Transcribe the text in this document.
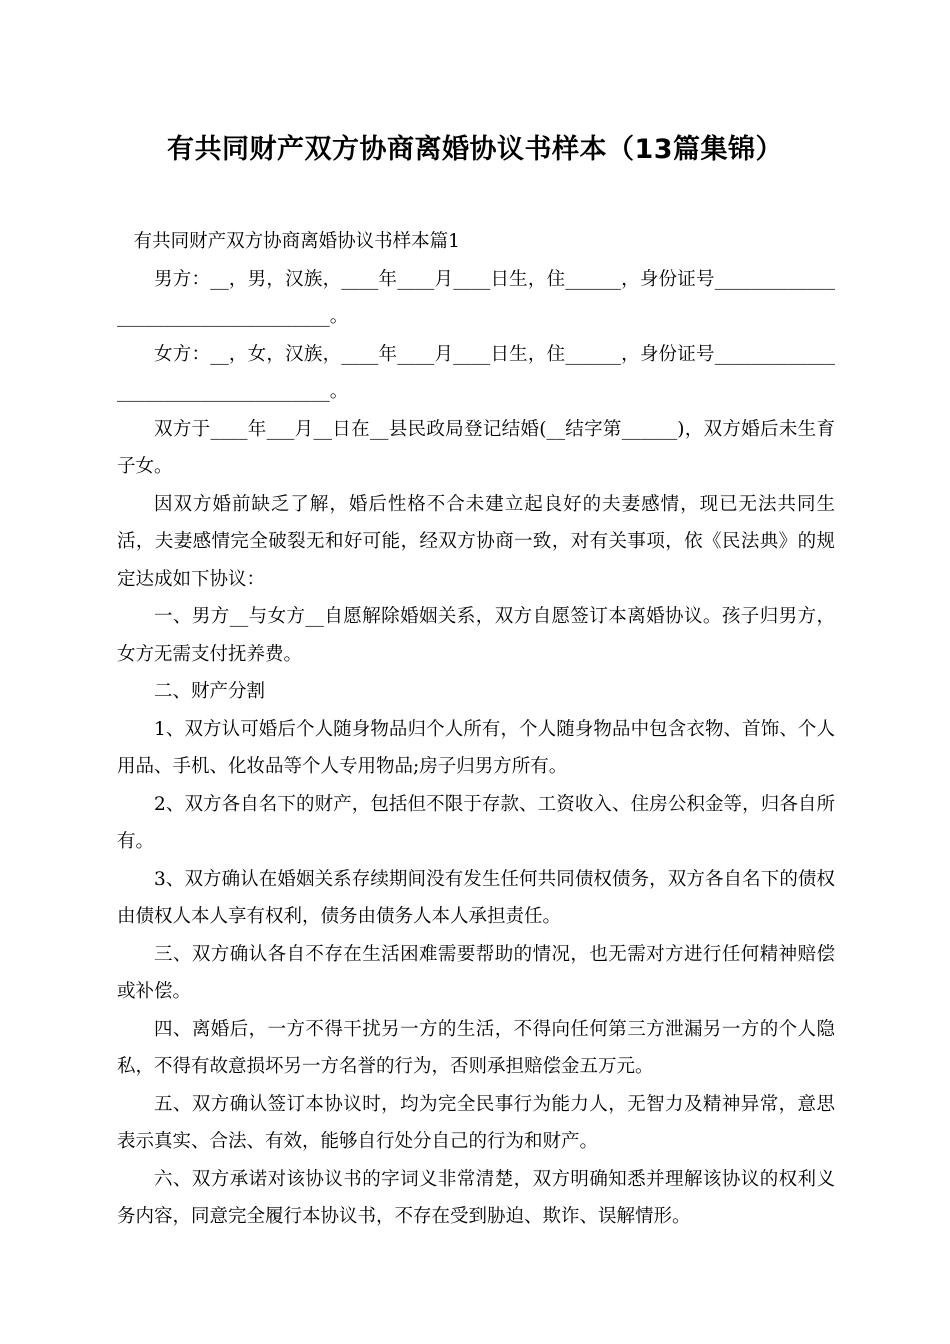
有共同财产双方协商离婚协议书样本（13篇集锦）

有共同财产双方协商离婚协议书样本篇1

男方：__，男，汉族，____年____月____日生，住______，身份证号____________________________________。

女方：__，女，汉族，____年____月____日生，住______，身份证号____________________________________。

双方于____年___月__日在__县民政局登记结婚(__结字第______)，双方婚后未生育子女。

因双方婚前缺乏了解，婚后性格不合未建立起良好的夫妻感情，现已无法共同生活，夫妻感情完全破裂无和好可能，经双方协商一致，对有关事项，依《民法典》的规定达成如下协议：

一、男方__与女方__自愿解除婚姻关系，双方自愿签订本离婚协议。孩子归男方，女方无需支付抚养费。

二、财产分割

1、双方认可婚后个人随身物品归个人所有，个人随身物品中包含衣物、首饰、个人用品、手机、化妆品等个人专用物品;房子归男方所有。

2、双方各自名下的财产，包括但不限于存款、工资收入、住房公积金等，归各自所有。

3、双方确认在婚姻关系存续期间没有发生任何共同债权债务，双方各自名下的债权由债权人本人享有权利，债务由债务人本人承担责任。

三、双方确认各自不存在生活困难需要帮助的情况，也无需对方进行任何精神赔偿或补偿。

四、离婚后，一方不得干扰另一方的生活，不得向任何第三方泄漏另一方的个人隐私，不得有故意损坏另一方名誉的行为，否则承担赔偿金五万元。

五、双方确认签订本协议时，均为完全民事行为能力人，无智力及精神异常，意思表示真实、合法、有效，能够自行处分自己的行为和财产。

六、双方承诺对该协议书的字词义非常清楚，双方明确知悉并理解该协议的权利义务内容，同意完全履行本协议书，不存在受到胁迫、欺诈、误解情形。
